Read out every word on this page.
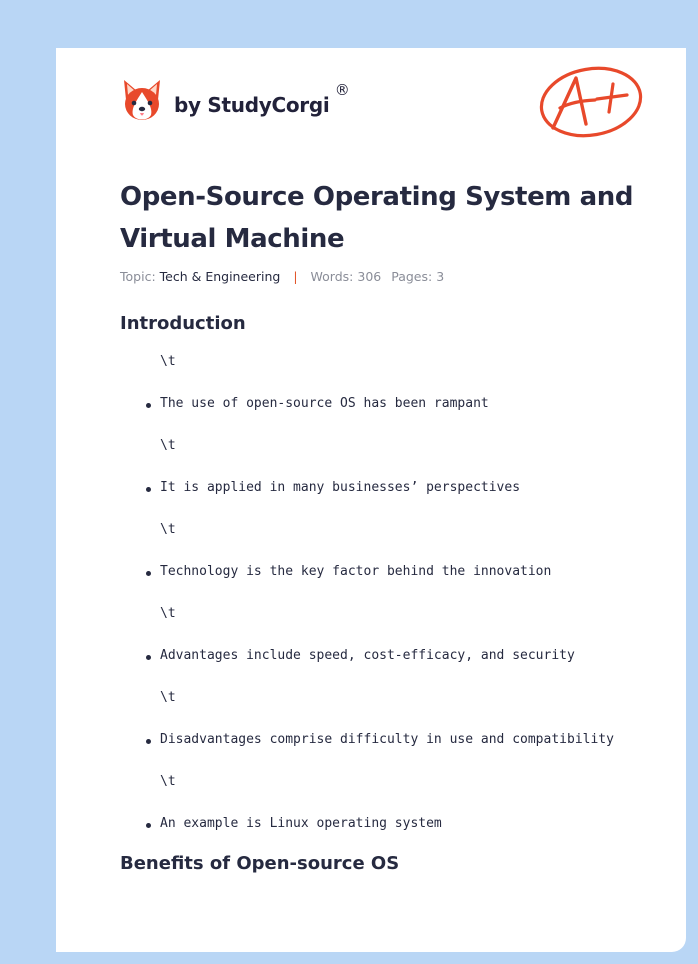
by StudyCorgi
®
Open-Source Operating System and Virtual Machine
Topic: Tech & Engineering | Words: 306 Pages: 3
Introduction
\t
The use of open-source OS has been rampant
\t
It is applied in many businesses’ perspectives
\t
Technology is the key factor behind the innovation
\t
Advantages include speed, cost-efficacy, and security
\t
Disadvantages comprise difficulty in use and compatibility
\t
An example is Linux operating system
Benefits of Open-source OS
